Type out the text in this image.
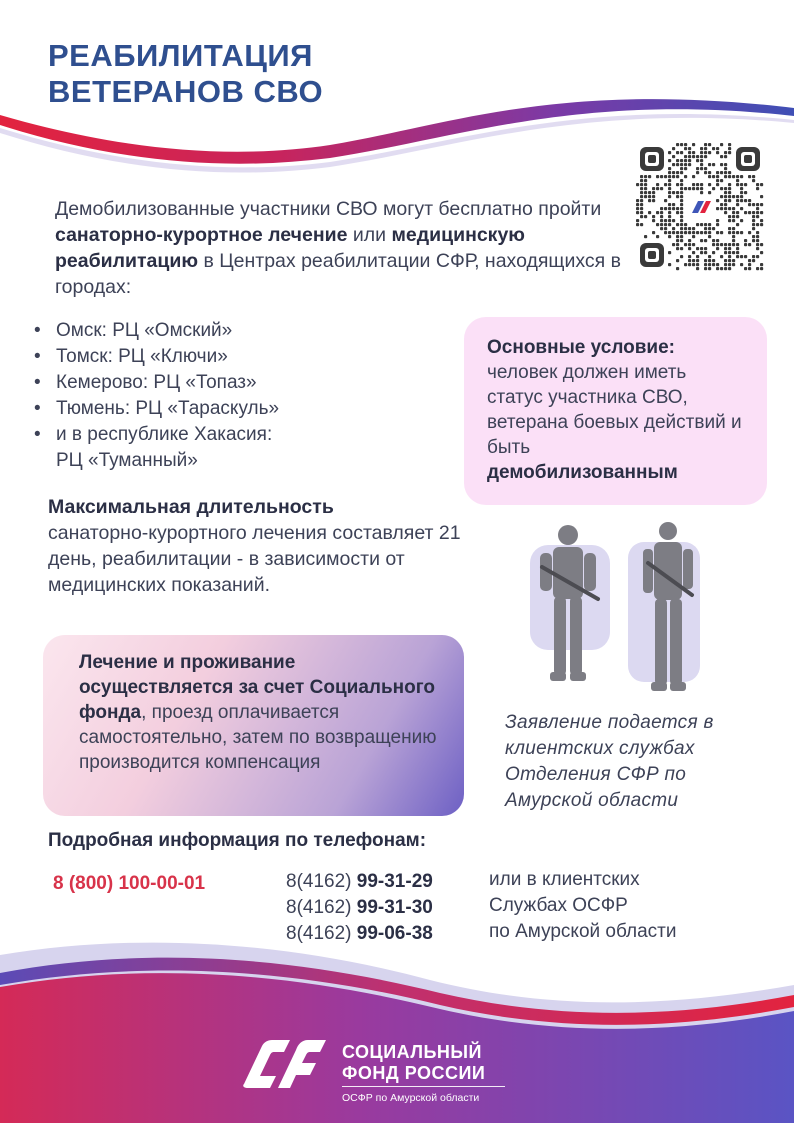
РЕАБИЛИТАЦИЯ
ВЕТЕРАНОВ СВО
Демобилизованные участники СВО могут бесплатно пройти санаторно-курортное лечение или медицинскую реабилитацию в Центрах реабилитации СФР, находящихся в городах:
• Омск: РЦ «Омский»
• Томск: РЦ «Ключи»
• Кемерово: РЦ «Топаз»
• Тюмень: РЦ «Тараскуль»
• и в республике Хакасия:
РЦ «Туманный»
Основные условие:
человек должен иметь статус участника СВО, ветерана боевых действий и быть
демобилизованным
Максимальная длительность
санаторно-курортного лечения составляет 21 день, реабилитации - в зависимости от медицинских показаний.
Лечение и проживание осуществляется за счет Социального фонда, проезд оплачивается самостоятельно, затем по возвращению производится компенсация
Заявление подается в клиентских службах Отделения СФР по Амурской области
Подробная информация по телефонам:
8 (800) 100-00-01	8(4162) 99-31-29
8(4162) 99-31-30
8(4162) 99-06-38
или в клиентских
Службах ОСФР
по Амурской области
СОЦИАЛЬНЫЙ
ФОНД РОССИИ
ОСФР по Амурской области
